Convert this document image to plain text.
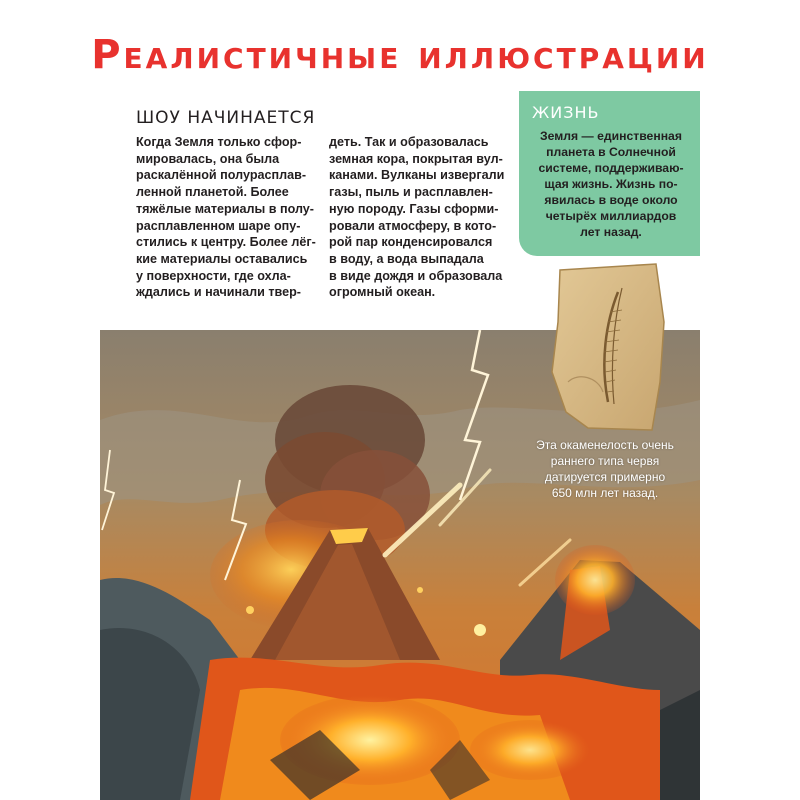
Реалистичные иллюстрации
ШОУ НАЧИНАЕТСЯ
Когда Земля только сфор-
мировалась, она была
раскалённой полурасплав-
ленной планетой. Более
тяжёлые материалы в полу-
расплавленном шаре опу-
стились к центру. Более лёг-
кие материалы оставались
у поверхности, где охла-
ждались и начинали твер-
деть. Так и образовалась
земная кора, покрытая вул-
канами. Вулканы извергали
газы, пыль и расплавлен-
ную породу. Газы сформи-
ровали атмосферу, в кото-
рой пар конденсировался
в воду, а вода выпадала
в виде дождя и образовала
огромный океан.
ЖИЗНЬ
Земля — единственная
планета в Солнечной
системе, поддерживаю-
щая жизнь. Жизнь по-
явилась в воде около
четырёх миллиардов
лет назад.
Эта окаменелость очень
раннего типа червя
датируется примерно
650 млн лет назад.
